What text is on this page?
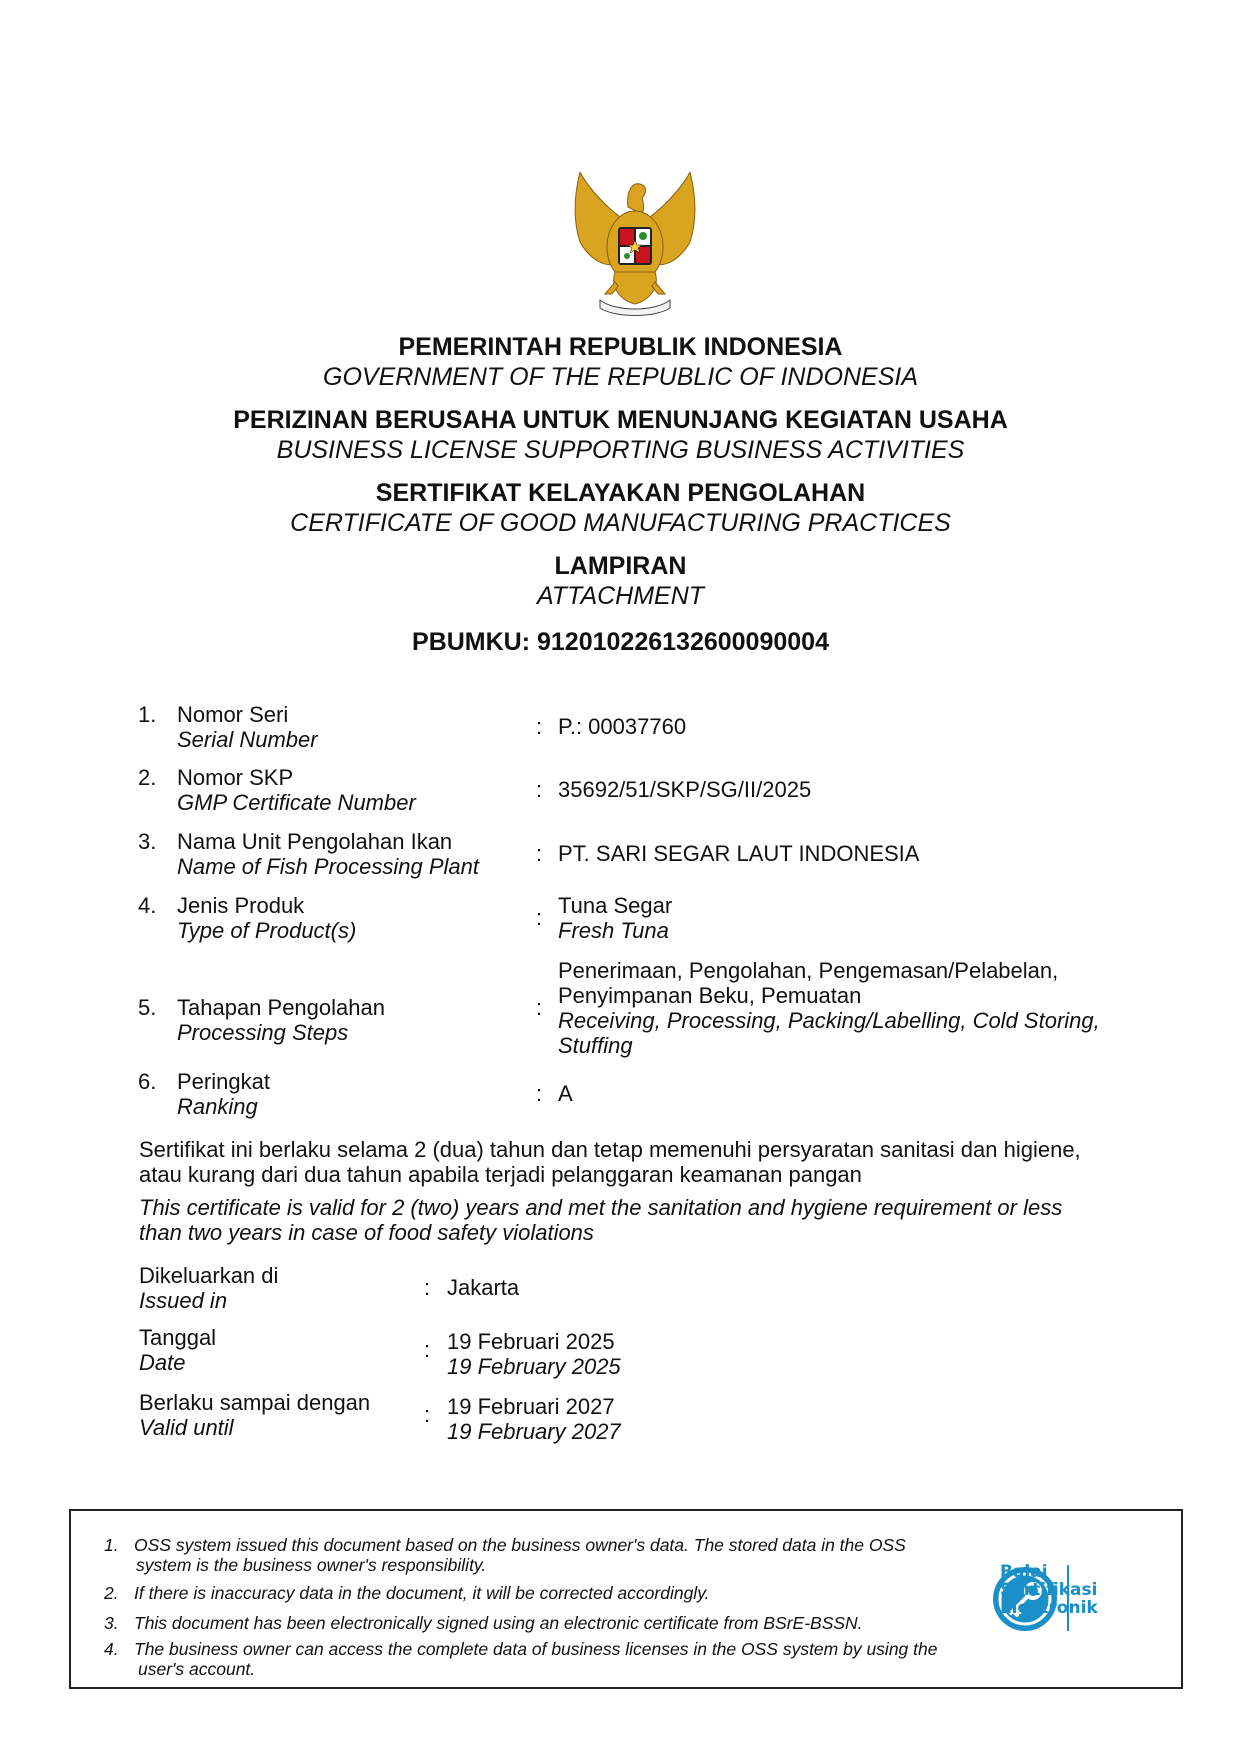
PEMERINTAH REPUBLIK INDONESIA
GOVERNMENT OF THE REPUBLIC OF INDONESIA
PERIZINAN BERUSAHA UNTUK MENUNJANG KEGIATAN USAHA
BUSINESS LICENSE SUPPORTING BUSINESS ACTIVITIES
SERTIFIKAT KELAYAKAN PENGOLAHAN
CERTIFICATE OF GOOD MANUFACTURING PRACTICES
LAMPIRAN
ATTACHMENT
PBUMKU: 912010226132600090004
1. Nomor Seri
Serial Number
: P.: 00037760
2. Nomor SKP
GMP Certificate Number
: 35692/51/SKP/SG/II/2025
3. Nama Unit Pengolahan Ikan
Name of Fish Processing Plant
: PT. SARI SEGAR LAUT INDONESIA
4. Jenis Produk
Type of Product(s)
: Tuna Segar
Fresh Tuna
5. Tahapan Pengolahan
Processing Steps
:
Penerimaan, Pengolahan, Pengemasan/Pelabelan,
Penyimpanan Beku, Pemuatan
Receiving, Processing, Packing/Labelling, Cold Storing,
Stuffing
6. Peringkat
Ranking
: A
Sertifikat ini berlaku selama 2 (dua) tahun dan tetap memenuhi persyaratan sanitasi dan higiene,
atau kurang dari dua tahun apabila terjadi pelanggaran keamanan pangan
This certificate is valid for 2 (two) years and met the sanitation and hygiene requirement or less
than two years in case of food safety violations
Dikeluarkan di
Issued in
: Jakarta
Tanggal
Date
: 19 Februari 2025
19 February 2025
Berlaku sampai dengan
Valid until
: 19 Februari 2027
19 February 2027
1. OSS system issued this document based on the business owner's data. The stored data in the OSS
system is the business owner's responsibility.
2. If there is inaccuracy data in the document, it will be corrected accordingly.
3. This document has been electronically signed using an electronic certificate from BSrE-BSSN.
4. The business owner can access the complete data of business licenses in the OSS system by using the
user's account.
Balai
Sertifikasi
Elektronik
